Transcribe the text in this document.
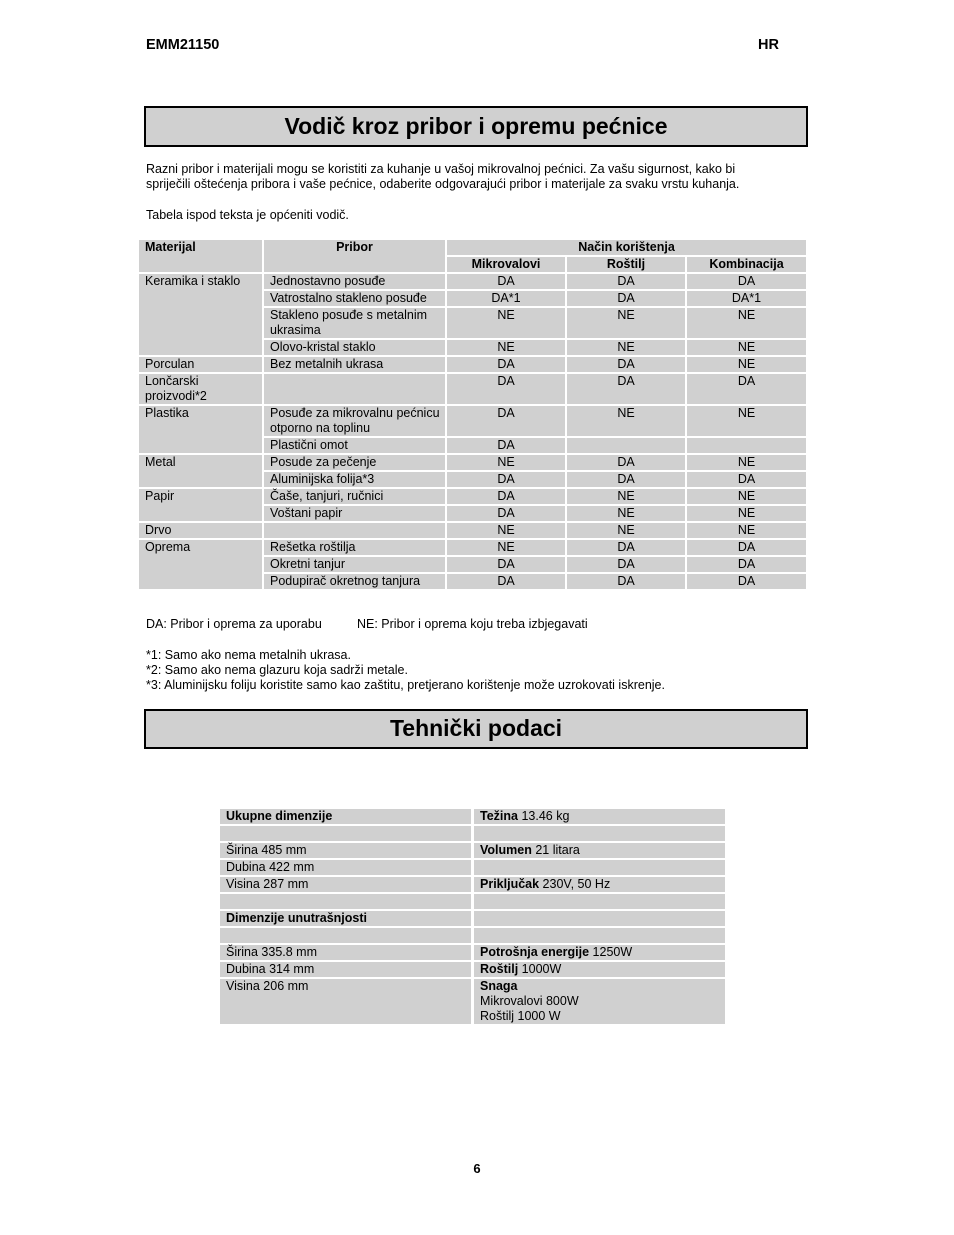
EMM21150	HR
Vodič kroz pribor i opremu pećnice
Razni pribor i materijali mogu se koristiti za kuhanje u vašoj mikrovalnoj pećnici. Za vašu sigurnost, kako bi
spriječili oštećenja pribora i vaše pećnice, odaberite odgovarajući pribor i materijale za svaku vrstu kuhanja.
Tabela ispod teksta je općeniti vodič.
Materijal	Pribor	Način korištenja		
		Mikrovalovi	Roštilj	Kombinacija
Keramika i staklo	Jednostavno posuđe	DA	DA	DA
	Vatrostalno stakleno posuđe	DA*1	DA	DA*1
	Stakleno posuđe s metalnim ukrasima	NE	NE	NE
	Olovo-kristal staklo	NE	NE	NE
Porculan	Bez metalnih ukrasa	DA	DA	NE
Lončarski proizvodi*2		DA	DA	DA
Plastika	Posuđe za mikrovalnu pećnicu otporno na toplinu	DA	NE	NE
	Plastični omot	DA		
Metal	Posude za pečenje	NE	DA	NE
	Aluminijska folija*3	DA	DA	DA
Papir	Čaše, tanjuri, ručnici	DA	NE	NE
	Voštani papir	DA	NE	NE
Drvo		NE	NE	NE
Oprema	Rešetka roštilja	NE	DA	DA
	Okretni tanjur	DA	DA	DA
	Podupirač okretnog tanjura	DA	DA	DA
DA: Pribor i oprema za uporabu	NE: Pribor i oprema koju treba izbjegavati
*1: Samo ako nema metalnih ukrasa.
*2: Samo ako nema glazuru koja sadrži metale.
*3: Aluminijsku foliju koristite samo kao zaštitu, pretjerano korištenje može uzrokovati iskrenje.
Tehnički podaci
Ukupne dimenzije	Težina 13.46 kg

Širina 485 mm	Volumen 21 litara
Dubina 422 mm	
Visina 287 mm	Priključak 230V, 50 Hz

Dimenzije unutrašnjosti	

Širina 335.8 mm	Potrošnja energije 1250W
Dubina 314 mm	Roštilj 1000W
Visina 206 mm	Snaga
Mikrovalovi 800W
Roštilj 1000 W
6
